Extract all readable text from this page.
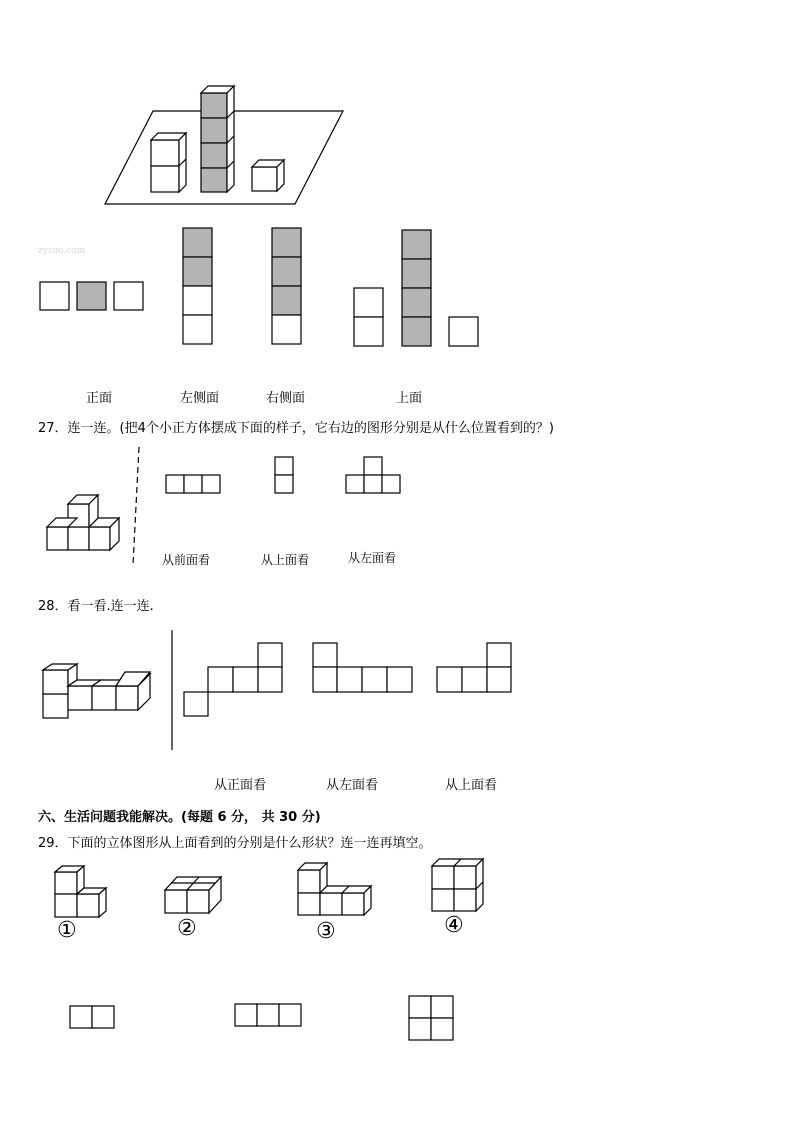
zyzoo.com
正面	左侧面	右侧面	上面
27．连一连。(把4个小正方体摆成下面的样子，它右边的图形分别是从什么位置看到的？)
从前面看	从上面看	从左面看
28．看一看.连一连.
从正面看	从左面看	从上面看
六、生活问题我能解决。(每题 6 分， 共 30 分)
29．下面的立体图形从上面看到的分别是什么形状？连一连再填空。
①	②	③	④
